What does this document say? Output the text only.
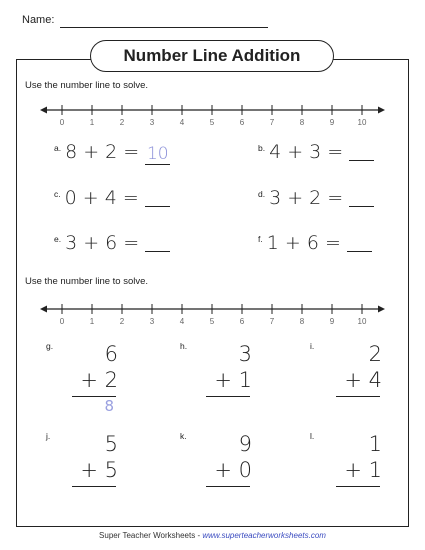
Name:
Number Line Addition
Use the number line to solve.
0	1	2	3	4	5	6	7	8	9	10
$^{a.}$ 8 + 2 = 10	$^{b.}$ 4 + 3 =
$^{c.}$ 0 + 4 =	$^{d.}$ 3 + 2 =
$^{e.}$ 3 + 6 =	$^{f.}$ 1 + 6 =
Use the number line to solve.
0	1	2	3	4	5	6	7	8	9	10
g. 6
+ 2
8
h. 3
+ 1
i.	2
+ 4
j.	5
+ 5
k. 9
+ 0
l.	1
+ 1
Super Teacher Worksheets - www.superteacherworksheets.com
